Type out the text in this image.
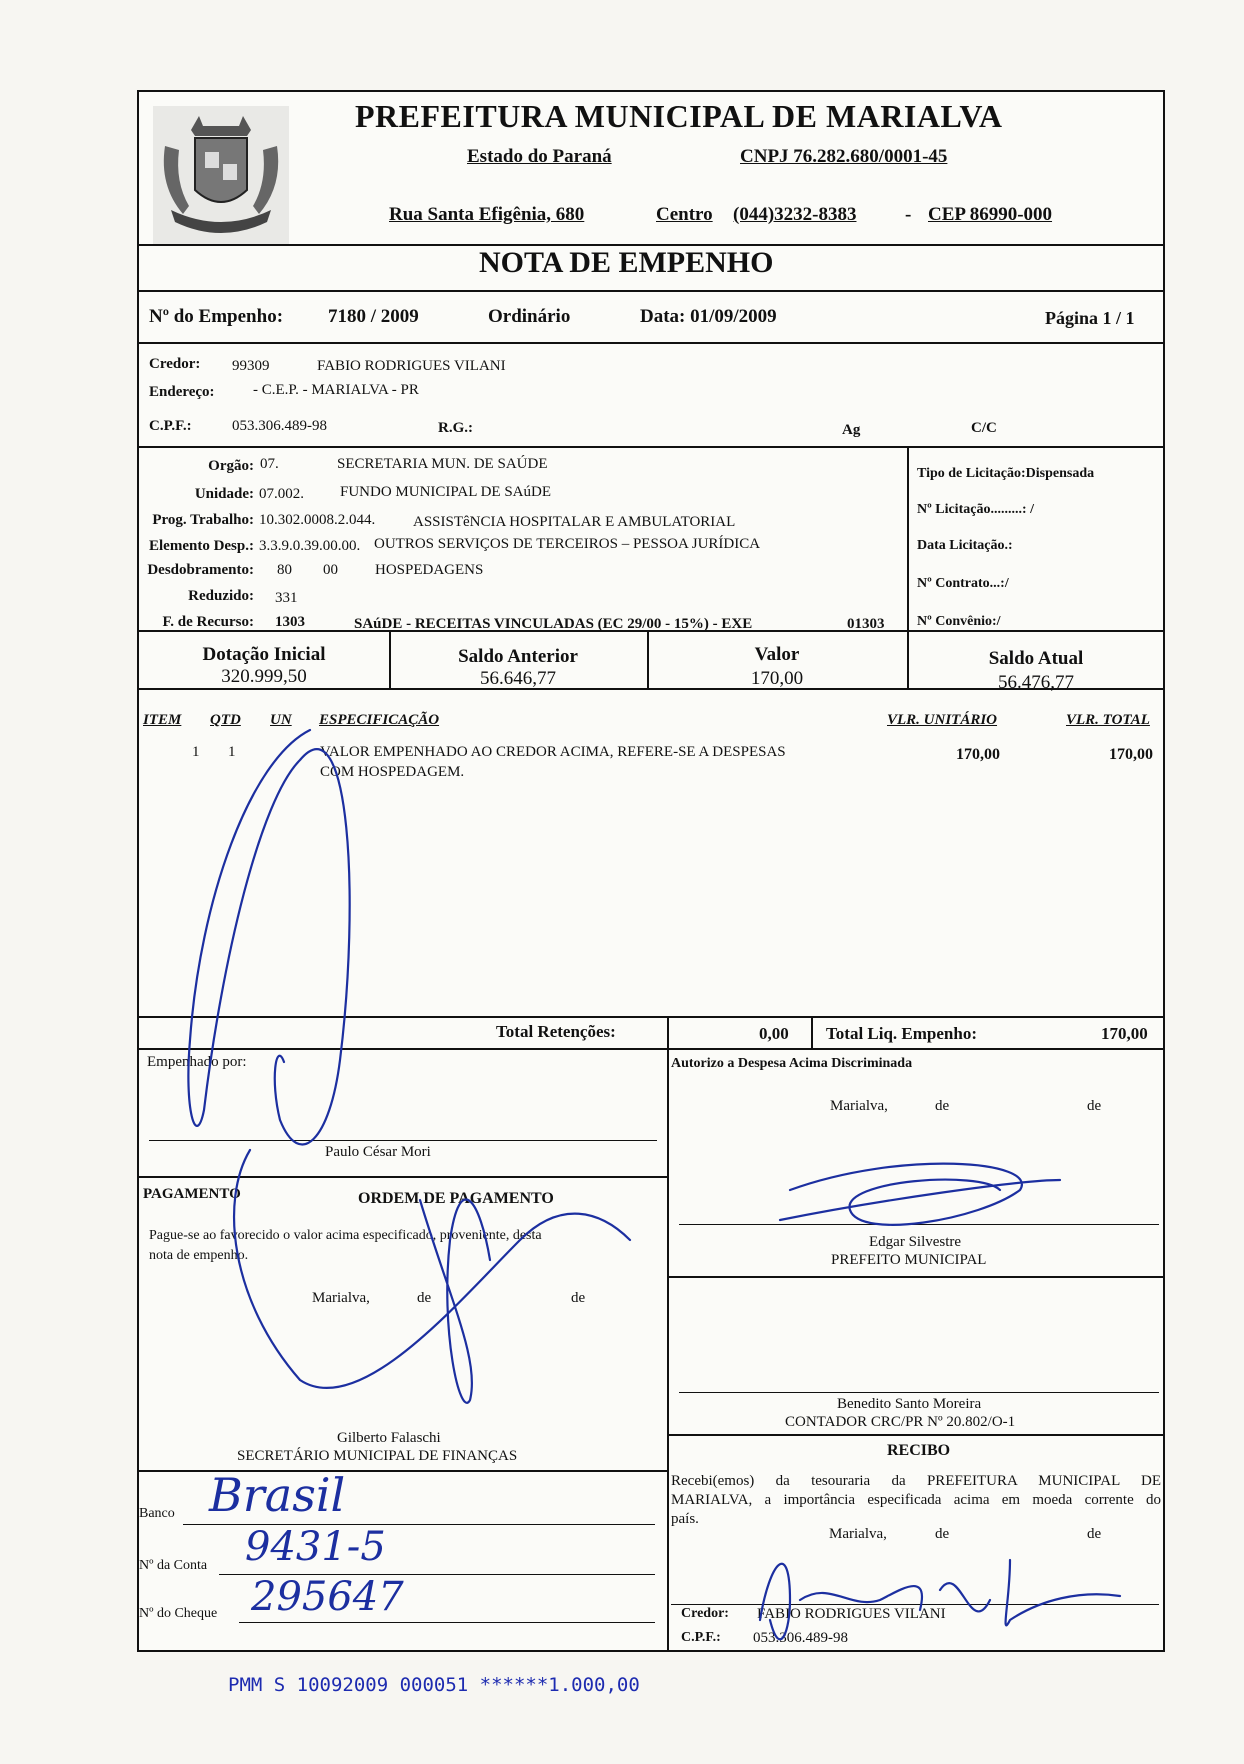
PREFEITURA MUNICIPAL DE MARIALVA
Estado do Paraná	CNPJ 76.282.680/0001-45
Rua Santa Efigênia, 680	Centro (044)3232-8383	- CEP 86990-000
NOTA DE EMPENHO
Nº do Empenho: 7180 / 2009	Ordinário	Data: 01/09/2009	Página 1 / 1
Credor: 99309	FABIO RODRIGUES VILANI
Endereço:	- C.E.P. - MARIALVA - PR
C.P.F.:	053.306.489-98	R.G.:	Ag	C/C
Orgão: 07.	SECRETARIA MUN. DE SAÚDE
Unidade: 07.002. FUNDO MUNICIPAL DE SAúDE
Prog. Trabalho: 10.302.0008.2.044.	ASSISTêNCIA HOSPITALAR E AMBULATORIAL
Elemento Desp.: 3.3.9.0.39.00.00. OUTROS SERVIÇOS DE TERCEIROS – PESSOA JURÍDICA
Desdobramento: 80 00 HOSPEDAGENS
Reduzido: 331
F. de Recurso: 1303	SAúDE - RECEITAS VINCULADAS (EC 29/00 - 15%) - EXE	01303
Tipo de Licitação:Dispensada
Nº Licitação.........: /
Data Licitação.:
Nº Contrato...:/
Nº Convênio:/
Dotação Inicial
320.999,50
Saldo Anterior
56.646,77
Valor
170,00
Saldo Atual
56.476,77
ITEM QTD UN ESPECIFICAÇÃO	VLR. UNITÁRIO	VLR. TOTAL
1 1	VALOR EMPENHADO AO CREDOR ACIMA, REFERE-SE A DESPESAS
COM HOSPEDAGEM.
170,00	170,00
Total Retenções:	0,00 Total Liq. Empenho:	170,00
Empenhado por:
Paulo César Mori
PAGAMENTO	ORDEM DE PAGAMENTO
Pague-se ao favorecido o valor acima especificado, proveniente, desta
nota de empenho.
Marialva,	de	de
Gilberto Falaschi
SECRETÁRIO MUNICIPAL DE FINANÇAS
Banco Brasil
Nº da Conta 9431-5
Nº do Cheque 295647
Autorizo a Despesa Acima Discriminada
Marialva,	de	de
Edgar Silvestre
PREFEITO MUNICIPAL
Benedito Santo Moreira
CONTADOR CRC/PR Nº 20.802/O-1
RECIBO
Recebi(emos) da tesouraria da PREFEITURA MUNICIPAL DE
MARIALVA, a importância especificada acima em moeda corrente do
país.
Marialva,	de	de
Credor: FABIO RODRIGUES VILANI
C.P.F.: 053.306.489-98
PMM S 10092009 000051 ******1.000,00
